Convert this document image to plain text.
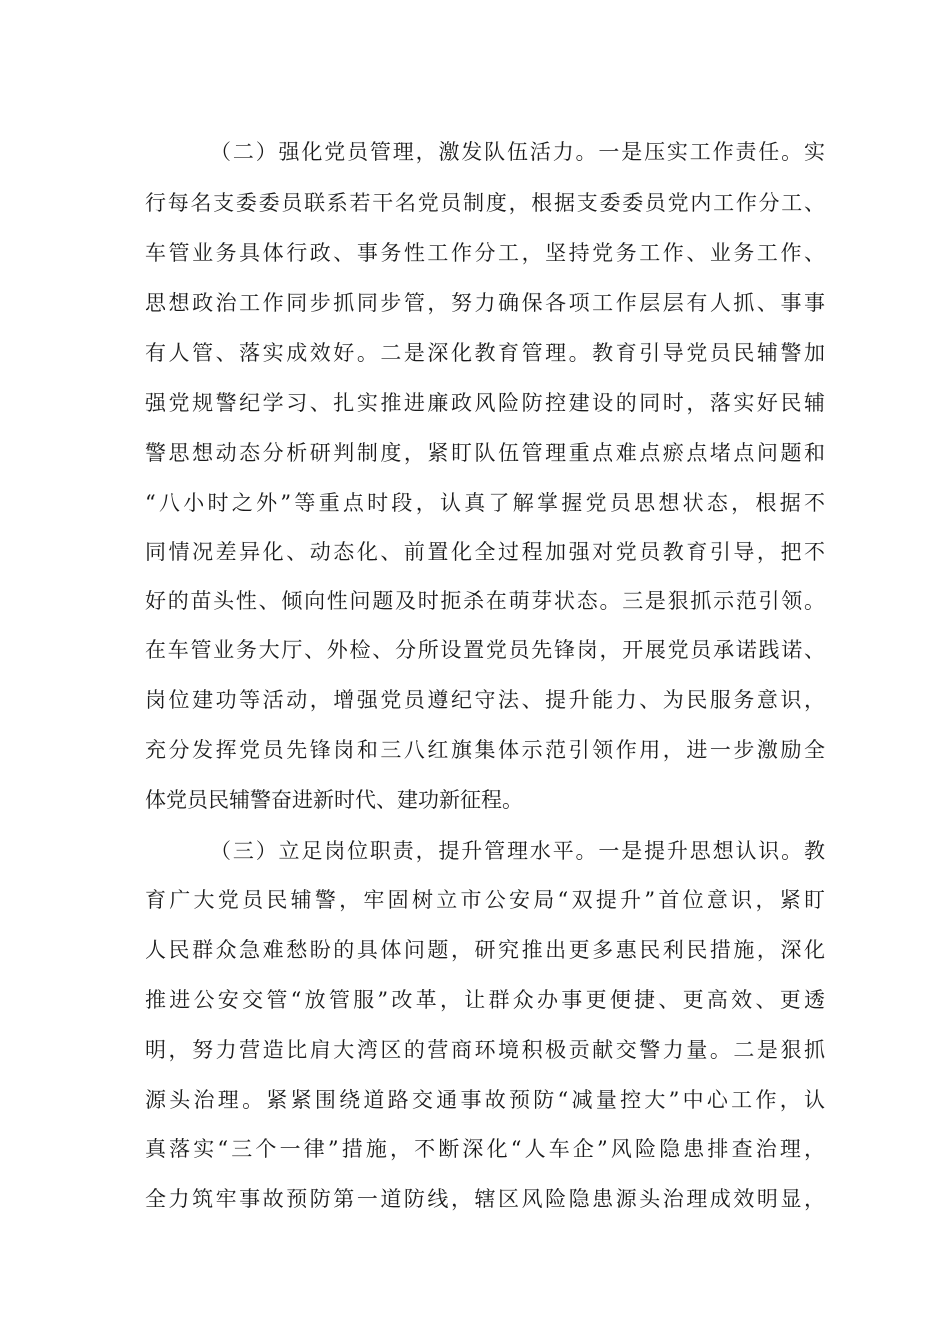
（二）强化党员管理，激发队伍活力。一是压实工作责任。实
行每名支委委员联系若干名党员制度，根据支委委员党内工作分工、
车管业务具体行政、事务性工作分工，坚持党务工作、业务工作、
思想政治工作同步抓同步管，努力确保各项工作层层有人抓、事事
有人管、落实成效好。二是深化教育管理。教育引导党员民辅警加
强党规警纪学习、扎实推进廉政风险防控建设的同时，落实好民辅
警思想动态分析研判制度，紧盯队伍管理重点难点瘀点堵点问题和
“八小时之外”等重点时段，认真了解掌握党员思想状态，根据不
同情况差异化、动态化、前置化全过程加强对党员教育引导，把不
好的苗头性、倾向性问题及时扼杀在萌芽状态。三是狠抓示范引领。
在车管业务大厅、外检、分所设置党员先锋岗，开展党员承诺践诺、
岗位建功等活动，增强党员遵纪守法、提升能力、为民服务意识，
充分发挥党员先锋岗和三八红旗集体示范引领作用，进一步激励全
体党员民辅警奋进新时代、建功新征程。
（三）立足岗位职责，提升管理水平。一是提升思想认识。教
育广大党员民辅警，牢固树立市公安局“双提升”首位意识，紧盯
人民群众急难愁盼的具体问题，研究推出更多惠民利民措施，深化
推进公安交管“放管服”改革，让群众办事更便捷、更高效、更透
明，努力营造比肩大湾区的营商环境积极贡献交警力量。二是狠抓
源头治理。紧紧围绕道路交通事故预防“减量控大”中心工作，认
真落实“三个一律”措施，不断深化“人车企”风险隐患排查治理，
全力筑牢事故预防第一道防线，辖区风险隐患源头治理成效明显，
